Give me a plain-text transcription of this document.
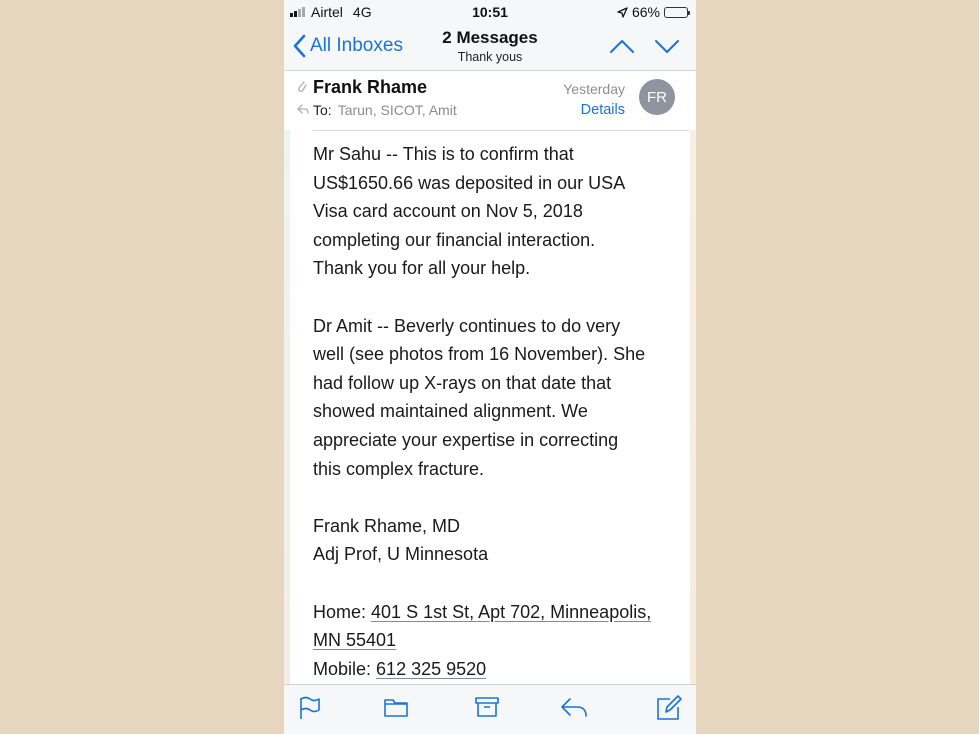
Airtel 4G	10:51	66%
All Inboxes	2 Messages
Thank yous

Frank Rhame
To: Tarun, SICOT, Amit
Yesterday
Details
FR

Mr Sahu -- This is to confirm that

US$1650.66 was deposited in our USA

Visa card account on Nov 5, 2018

completing our financial interaction.

Thank you for all your help.

Dr Amit -- Beverly continues to do very

well (see photos from 16 November). She

had follow up X-rays on that date that

showed maintained alignment. We

appreciate your expertise in correcting

this complex fracture.

Frank Rhame, MD

Adj Prof, U Minnesota

Home: 401 S 1st St, Apt 702, Minneapolis,

MN 55401

Mobile: 612 325 9520
